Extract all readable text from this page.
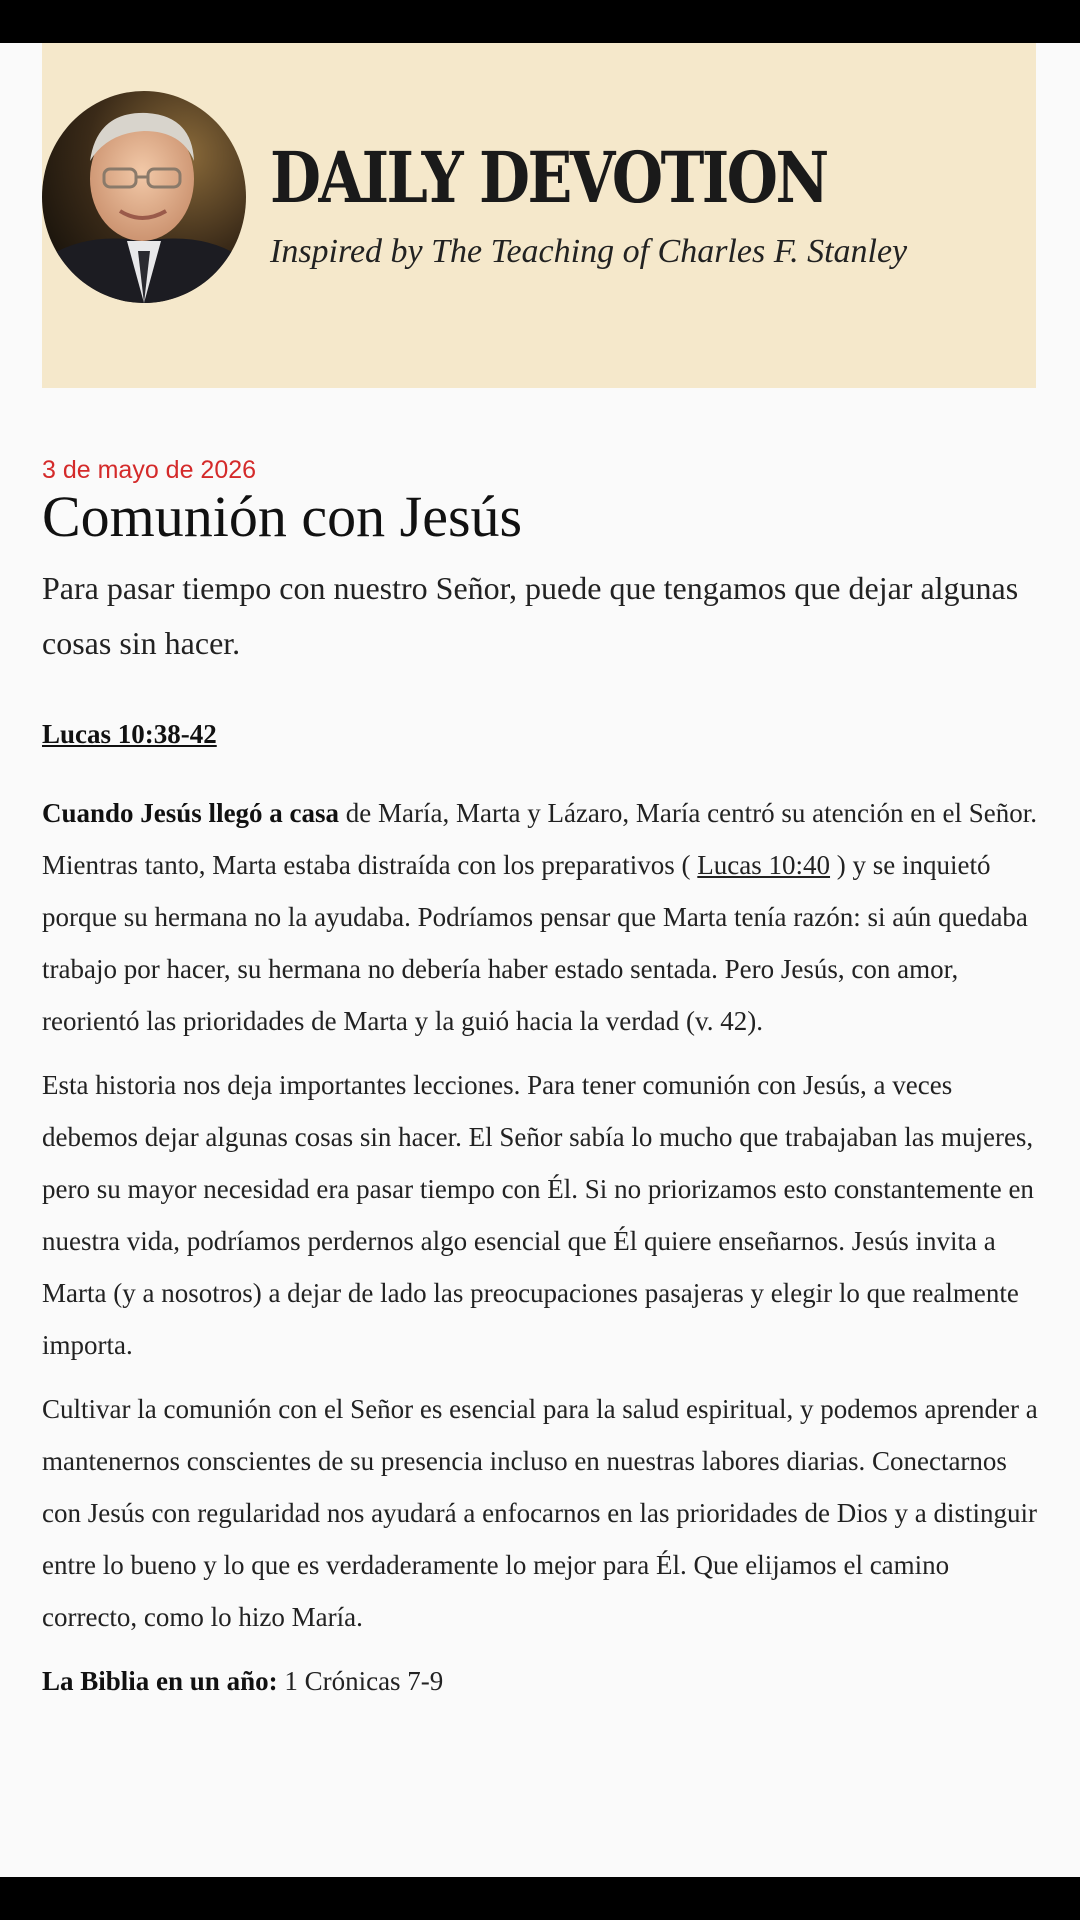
DAILY DEVOTION
Inspired by The Teaching of Charles F. Stanley
3 de mayo de 2026
Comunión con Jesús
Para pasar tiempo con nuestro Señor, puede que tengamos que dejar algunas cosas sin hacer.
Lucas 10:38-42

Cuando Jesús llegó a casa de María, Marta y Lázaro, María centró su atención en el Señor. Mientras tanto, Marta estaba distraída con los preparativos ( Lucas 10:40 ) y se inquietó porque su hermana no la ayudaba. Podríamos pensar que Marta tenía razón: si aún quedaba trabajo por hacer, su hermana no debería haber estado sentada. Pero Jesús, con amor, reorientó las prioridades de Marta y la guió hacia la verdad (v. 42).

Esta historia nos deja importantes lecciones. Para tener comunión con Jesús, a veces debemos dejar algunas cosas sin hacer. El Señor sabía lo mucho que trabajaban las mujeres, pero su mayor necesidad era pasar tiempo con Él. Si no priorizamos esto constantemente en nuestra vida, podríamos perdernos algo esencial que Él quiere enseñarnos. Jesús invita a Marta (y a nosotros) a dejar de lado las preocupaciones pasajeras y elegir lo que realmente importa.

Cultivar la comunión con el Señor es esencial para la salud espiritual, y podemos aprender a mantenernos conscientes de su presencia incluso en nuestras labores diarias. Conectarnos con Jesús con regularidad nos ayudará a enfocarnos en las prioridades de Dios y a distinguir entre lo bueno y lo que es verdaderamente lo mejor para Él. Que elijamos el camino correcto, como lo hizo María.

La Biblia en un año: 1 Crónicas 7-9
